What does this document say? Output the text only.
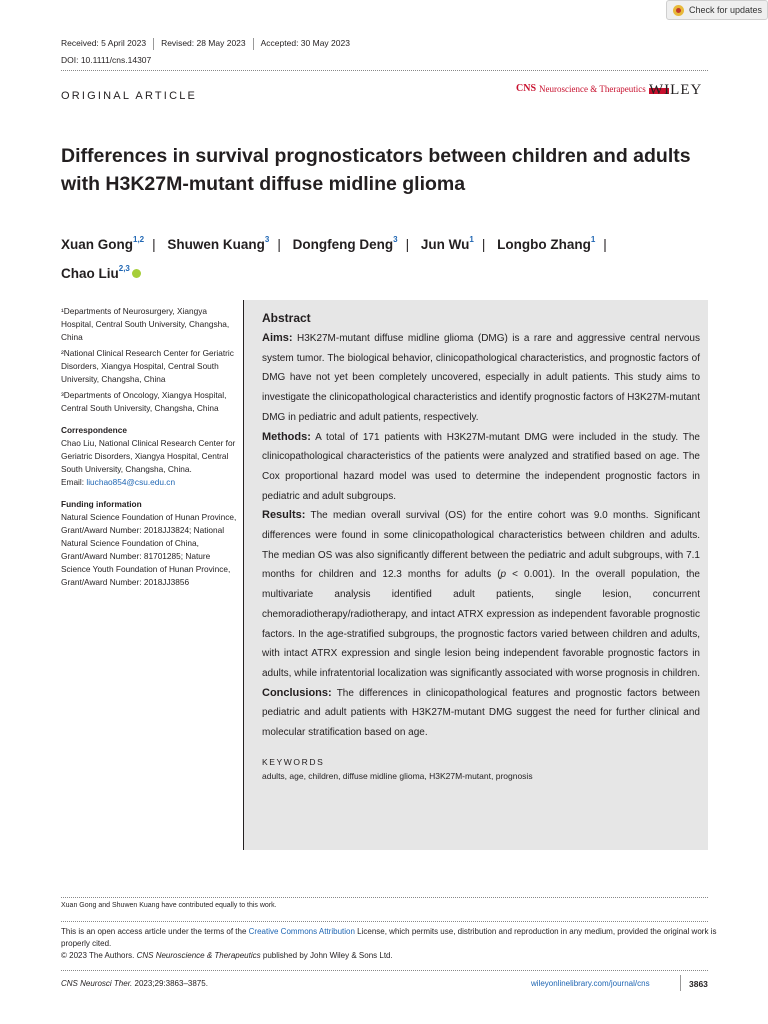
Check for updates
Received: 5 April 2023 Revised: 28 May 2023 Accepted: 30 May 2023
DOI: 10.1111/cns.14307
ORIGINAL ARTICLE
CNS Neuroscience & Therapeutics WILEY
Differences in survival prognosticators between children and adults with H3K27M-mutant diffuse midline glioma
Xuan Gong$^{1,2}$ | Shuwen Kuang$^3$ | Dongfeng Deng$^3$ | Jun Wu$^1$ | Longbo Zhang$^1$ |
Chao Liu$^{2,3}$

¹Departments of Neurosurgery, Xiangya Hospital, Central South University, Changsha, China

²National Clinical Research Center for Geriatric Disorders, Xiangya Hospital, Central South University, Changsha, China

³Departments of Oncology, Xiangya Hospital, Central South University, Changsha, China

Correspondence

Chao Liu, National Clinical Research Center for Geriatric Disorders, Xiangya Hospital, Central South University, Changsha, China.

Email: liuchao854@csu.edu.cn

Funding information

Natural Science Foundation of Hunan Province, Grant/Award Number: 2018JJ3824; National Natural Science Foundation of China, Grant/Award Number: 81701285; Nature Science Youth Foundation of Hunan Province, Grant/Award Number: 2018JJ3856

Abstract

Aims: H3K27M-mutant diffuse midline glioma (DMG) is a rare and aggressive central nervous system tumor. The biological behavior, clinicopathological characteristics, and prognostic factors of DMG have not yet been completely uncovered, especially in adult patients. This study aims to investigate the clinicopathological characteristics and identify prognostic factors of H3K27M-mutant DMG in pediatric and adult patients, respectively.

Methods: A total of 171 patients with H3K27M-mutant DMG were included in the study. The clinicopathological characteristics of the patients were analyzed and stratified based on age. The Cox proportional hazard model was used to determine the independent prognostic factors in pediatric and adult subgroups.

Results: The median overall survival (OS) for the entire cohort was 9.0 months. Significant differences were found in some clinicopathological characteristics between children and adults. The median OS was also significantly different between the pediatric and adult subgroups, with 7.1 months for children and 12.3 months for adults (p < 0.001). In the overall population, the multivariate analysis identified adult patients, single lesion, concurrent chemoradiotherapy/radiotherapy, and intact ATRX expression as independent favorable prognostic factors. In the age-stratified subgroups, the prognostic factors varied between children and adults, with intact ATRX expression and single lesion being independent favorable prognostic factors in adults, while infratentorial localization was significantly associated with worse prognosis in children.

Conclusions: The differences in clinicopathological features and prognostic factors between pediatric and adult patients with H3K27M-mutant DMG suggest the need for further clinical and molecular stratification based on age.

KEYWORDS
adults, age, children, diffuse midline glioma, H3K27M-mutant, prognosis
Xuan Gong and Shuwen Kuang have contributed equally to this work.
This is an open access article under the terms of the Creative Commons Attribution License, which permits use, distribution and reproduction in any medium, provided the original work is properly cited.
© 2023 The Authors. CNS Neuroscience & Therapeutics published by John Wiley & Sons Ltd.
CNS Neurosci Ther. 2023;29:3863–3875.	wileyonlinelibrary.com/journal/cns	3863
